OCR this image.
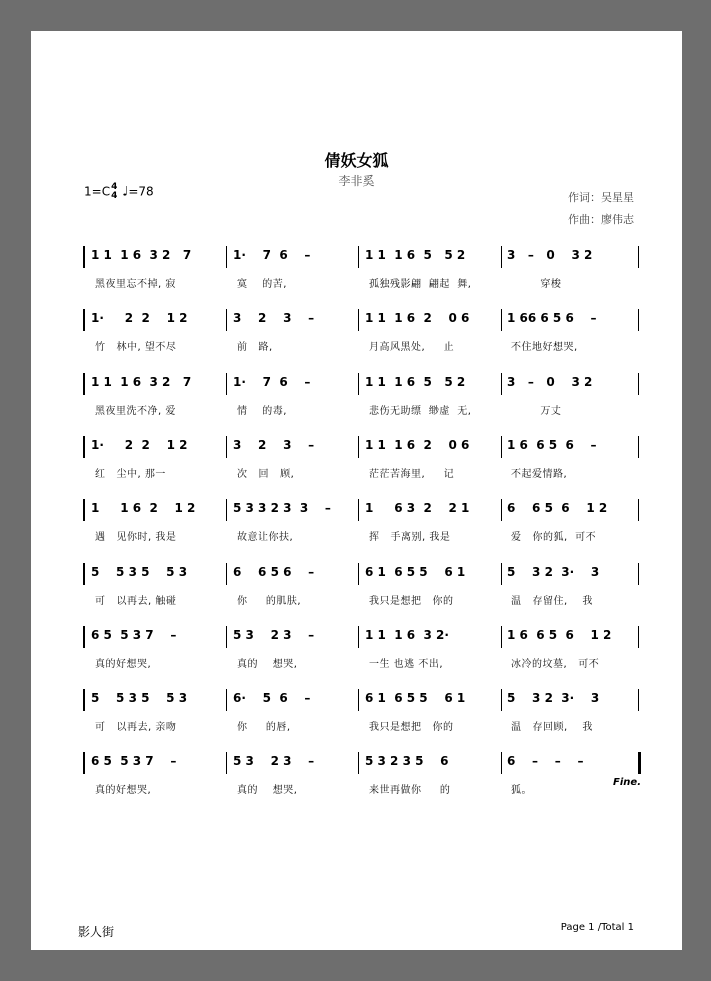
倩妖女狐
李非奚
1=C4
4 ♩=78	作词：吴星星
作曲：廖伟志
1 1  1 6  3 2   7	1·    7  6    –	1 1  1 6  5   5 2	3   –   0    3 2
黑夜里忘不掉, 寂	寞    的苦,	孤独残影翩  翩起  舞,	穿梭
1·     2  2    1 2	3    2    3    –	1 1  1 6  2    0 6	1 66 6 5 6    –
竹   林中, 望不尽	前   路,	月高风黑处,     止	不住地好想哭,
1 1  1 6  3 2   7	1·    7  6    –	1 1  1 6  5   5 2	3   –   0    3 2
黑夜里洗不净, 爱	情    的毒,	悲伤无助缥  缈虚  无,	万丈
1·     2  2    1 2	3    2    3    –	1 1  1 6  2    0 6	1 6  6 5  6    –
红   尘中, 那一	次   回   顾,	茫茫苦海里,     记	不起爱情路,
1     1 6  2    1 2	5 3 3 2 3  3    –	1     6 3  2    2 1	6    6 5  6    1 2
遇   见你时, 我是	故意让你扶,	挥   手离别, 我是	爱   你的狐,  可不
5    5 3 5    5 3	6    6 5 6    –	6 1  6 5 5    6 1	5    3 2  3·    3
可   以再去, 触碰	你     的肌肤,	我只是想把   你的	温   存留住,    我
6 5  5 3 7    –	5 3    2 3    –	1 1  1 6  3 2·	1 6  6 5  6    1 2
真的好想哭,	真的    想哭,	一生 也逃 不出,	冰冷的坟墓,   可不
5    5 3 5    5 3	6·    5  6    –	6 1  6 5 5    6 1	5    3 2  3·    3
可   以再去, 亲吻	你     的唇,	我只是想把   你的	温   存回顾,    我
6 5  5 3 7    –	5 3    2 3    –	5 3 2 3 5    6	6    –    –    –
真的好想哭,	真的    想哭,	来世再做你     的	狐。
Fine.
影人街	Page 1 /Total 1
